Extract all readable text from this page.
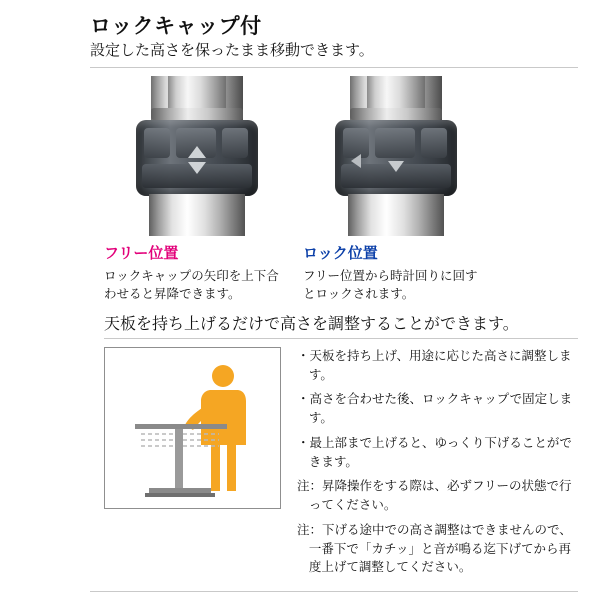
ロックキャップ付

設定した高さを保ったまま移動できます。

フリー位置
ロックキャップの矢印を上下合わせると昇降できます。
ロック位置
フリー位置から時計回りに回すとロックされます。
天板を持ち上げるだけで高さを調整することができます。
・天板を持ち上げ、用途に応じた高さに調整します。
・高さを合わせた後、ロックキャップで固定します。
・最上部まで上げると、ゆっくり下げることができます。
注：昇降操作をする際は、必ずフリーの状態で行ってください。
注：下げる途中での高さ調整はできませんので、一番下で「カチッ」と音が鳴る迄下げてから再度上げて調整してください。
